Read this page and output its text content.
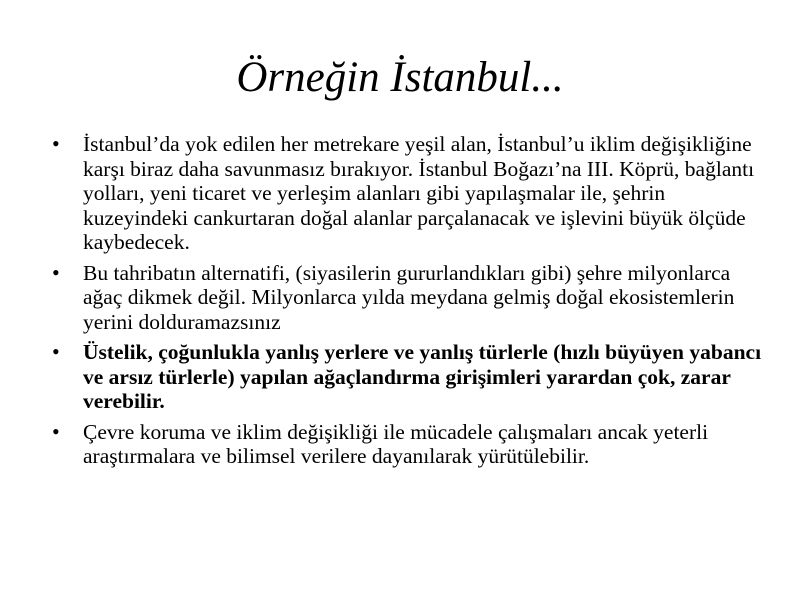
Örneğin İstanbul...
•	İstanbul’da yok edilen her metrekare yeşil alan, İstanbul’u iklim değişikliğine karşı biraz daha savunmasız bırakıyor. İstanbul Boğazı’na III. Köprü, bağlantı yolları, yeni ticaret ve yerleşim alanları gibi yapılaşmalar ile, şehrin kuzeyindeki cankurtaran doğal alanlar parçalanacak ve işlevini büyük ölçüde kaybedecek.
•	Bu tahribatın alternatifi, (siyasilerin gururlandıkları gibi) şehre milyonlarca ağaç dikmek değil. Milyonlarca yılda meydana gelmiş doğal ekosistemlerin yerini dolduramazsınız
•	Üstelik, çoğunlukla yanlış yerlere ve yanlış türlerle (hızlı büyüyen yabancı ve arsız türlerle) yapılan ağaçlandırma girişimleri yarardan çok, zarar verebilir.
•	Çevre koruma ve iklim değişikliği ile mücadele çalışmaları ancak yeterli araştırmalara ve bilimsel verilere dayanılarak yürütülebilir.
